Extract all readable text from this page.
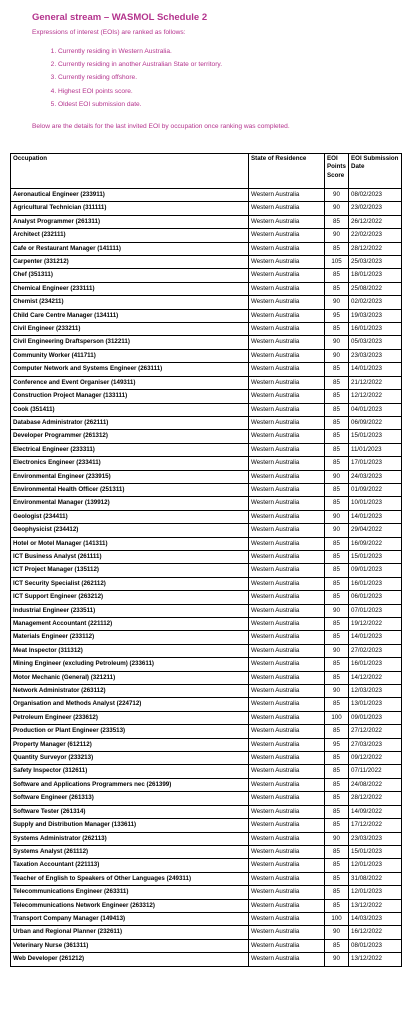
General stream – WASMOL Schedule 2
Expressions of interest (EOIs) are ranked as follows:
1. Currently residing in Western Australia.
2. Currently residing in another Australian State or territory.
3. Currently residing offshore.
4. Highest EOI points score.
5. Oldest EOI submission date.
Below are the details for the last invited EOI by occupation once ranking was completed.
Occupation	State of Residence	EOI Points Score	EOI Submission Date
Aeronautical Engineer (233911)	Western Australia	90	08/02/2023
Agricultural Technician (311111)	Western Australia	90	23/02/2023
Analyst Programmer (261311)	Western Australia	85	26/12/2022
Architect (232111)	Western Australia	90	22/02/2023
Cafe or Restaurant Manager (141111)	Western Australia	85	28/12/2022
Carpenter (331212)	Western Australia	105	25/03/2023
Chef (351311)	Western Australia	85	18/01/2023
Chemical Engineer (233111)	Western Australia	85	25/08/2022
Chemist (234211)	Western Australia	90	02/02/2023
Child Care Centre Manager (134111)	Western Australia	95	19/03/2023
Civil Engineer (233211)	Western Australia	85	16/01/2023
Civil Engineering Draftsperson (312211)	Western Australia	90	05/03/2023
Community Worker (411711)	Western Australia	90	23/03/2023
Computer Network and Systems Engineer (263111)	Western Australia	85	14/01/2023
Conference and Event Organiser (149311)	Western Australia	85	21/12/2022
Construction Project Manager (133111)	Western Australia	85	12/12/2022
Cook (351411)	Western Australia	85	04/01/2023
Database Administrator (262111)	Western Australia	85	06/09/2022
Developer Programmer (261312)	Western Australia	85	15/01/2023
Electrical Engineer (233311)	Western Australia	85	11/01/2023
Electronics Engineer (233411)	Western Australia	85	17/01/2023
Environmental Engineer (233915)	Western Australia	90	24/03/2023
Environmental Health Officer (251311)	Western Australia	85	01/09/2022
Environmental Manager (139912)	Western Australia	85	10/01/2023
Geologist (234411)	Western Australia	90	14/01/2023
Geophysicist (234412)	Western Australia	90	29/04/2022
Hotel or Motel Manager (141311)	Western Australia	85	16/09/2022
ICT Business Analyst (261111)	Western Australia	85	15/01/2023
ICT Project Manager (135112)	Western Australia	85	09/01/2023
ICT Security Specialist (262112)	Western Australia	85	16/01/2023
ICT Support Engineer (263212)	Western Australia	85	06/01/2023
Industrial Engineer (233511)	Western Australia	90	07/01/2023
Management Accountant (221112)	Western Australia	85	19/12/2022
Materials Engineer (233112)	Western Australia	85	14/01/2023
Meat Inspector (311312)	Western Australia	90	27/02/2023
Mining Engineer (excluding Petroleum) (233611)	Western Australia	85	16/01/2023
Motor Mechanic (General) (321211)	Western Australia	85	14/12/2022
Network Administrator (263112)	Western Australia	90	12/03/2023
Organisation and Methods Analyst (224712)	Western Australia	85	13/01/2023
Petroleum Engineer (233612)	Western Australia	100	09/01/2023
Production or Plant Engineer (233513)	Western Australia	85	27/12/2022
Property Manager (612112)	Western Australia	95	27/03/2023
Quantity Surveyor (233213)	Western Australia	85	09/12/2022
Safety Inspector (312611)	Western Australia	85	07/11/2022
Software and Applications Programmers nec (261399)	Western Australia	85	24/08/2022
Software Engineer (261313)	Western Australia	85	28/12/2022
Software Tester (261314)	Western Australia	85	14/09/2022
Supply and Distribution Manager (133611)	Western Australia	85	17/12/2022
Systems Administrator (262113)	Western Australia	90	23/03/2023
Systems Analyst (261112)	Western Australia	85	15/01/2023
Taxation Accountant (221113)	Western Australia	85	12/01/2023
Teacher of English to Speakers of Other Languages (249311)	Western Australia	85	31/08/2022
Telecommunications Engineer (263311)	Western Australia	85	12/01/2023
Telecommunications Network Engineer (263312)	Western Australia	85	13/12/2022
Transport Company Manager (149413)	Western Australia	100	14/03/2023
Urban and Regional Planner (232611)	Western Australia	90	16/12/2022
Veterinary Nurse (361311)	Western Australia	85	08/01/2023
Web Developer (261212)	Western Australia	90	13/12/2022
